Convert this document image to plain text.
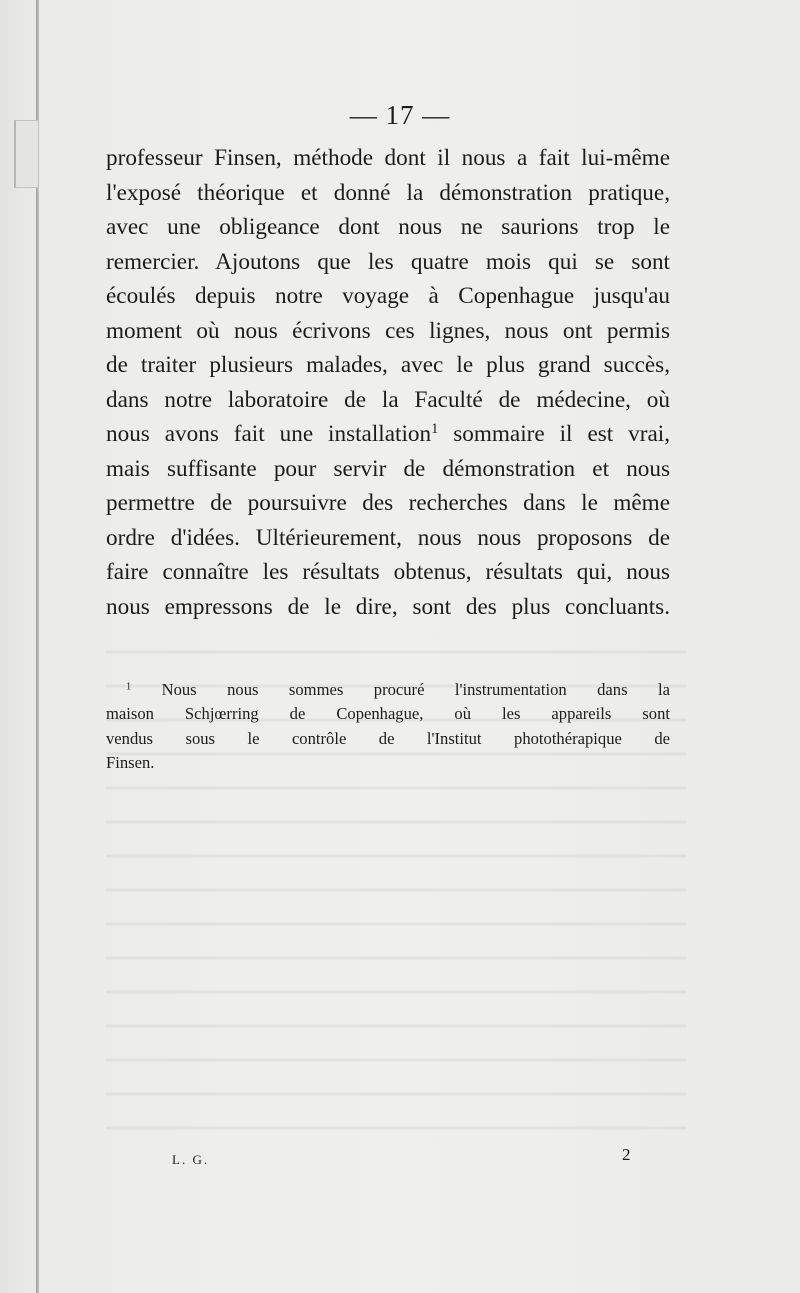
— 17 —
professeur Finsen, méthode dont il nous a fait lui-même
l'exposé théorique et donné la démonstration pratique,
avec une obligeance dont nous ne saurions trop le
remercier. Ajoutons que les quatre mois qui se sont
écoulés depuis notre voyage à Copenhague jusqu'au
moment où nous écrivons ces lignes, nous ont permis
de traiter plusieurs malades, avec le plus grand succès,
dans notre laboratoire de la Faculté de médecine, où
nous avons fait une installation$^1$ sommaire il est vrai,
mais suffisante pour servir de démonstration et nous
permettre de poursuivre des recherches dans le même
ordre d'idées. Ultérieurement, nous nous proposons de
faire connaître les résultats obtenus, résultats qui, nous
nous empressons de le dire, sont des plus concluants.
$^1$ Nous nous sommes procuré l'instrumentation dans la
maison Schjœrring de Copenhague, où les appareils sont
vendus sous le contrôle de l'Institut photothérapique de
Finsen.
L. G.	2
